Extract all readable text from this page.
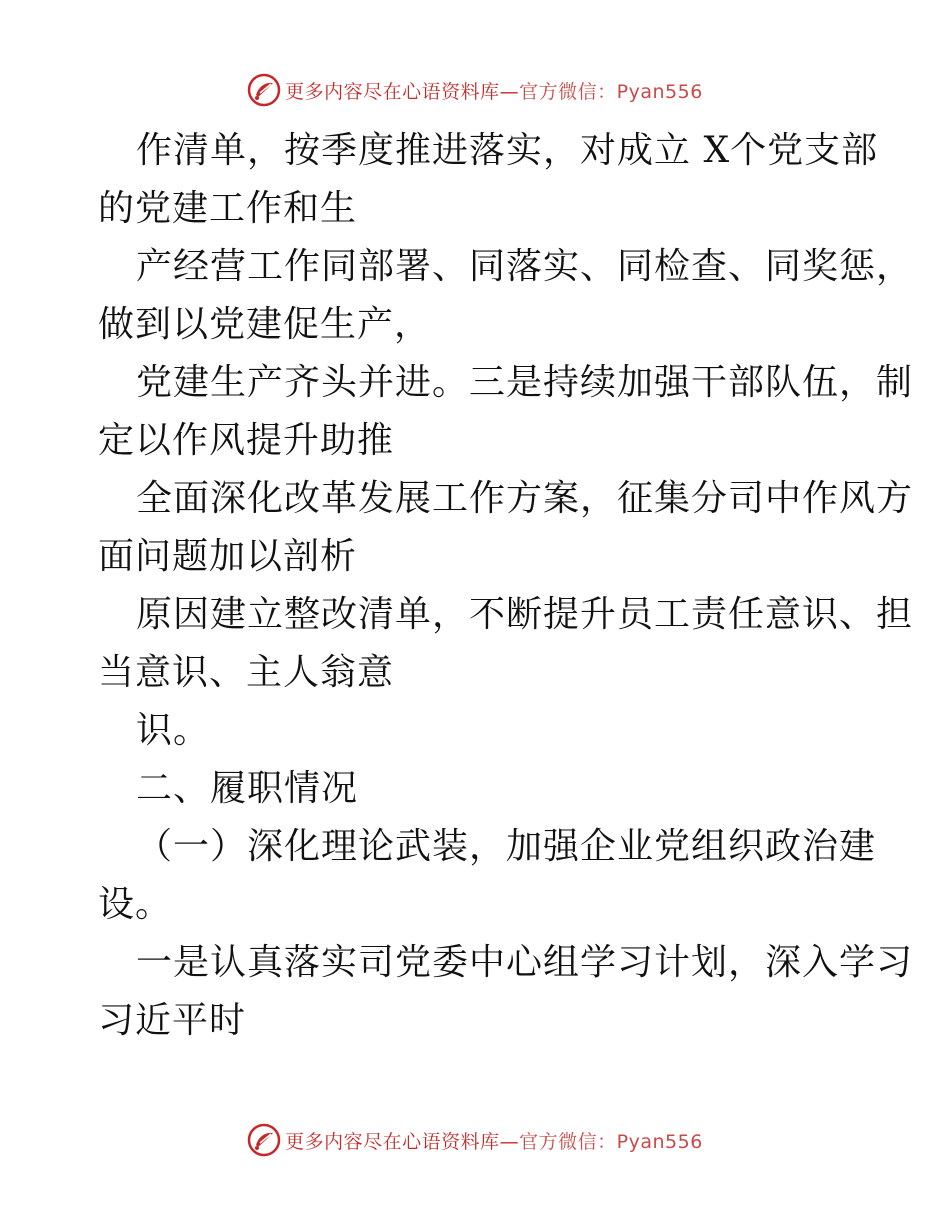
更多内容尽在心语资料库—官方微信：Pyan556
作清单，按季度推进落实，对成立 X个党支部
的党建工作和生
产经营工作同部署、同落实、同检查、同奖惩，
做到以党建促生产，
党建生产齐头并进。三是持续加强干部队伍，制
定以作风提升助推
全面深化改革发展工作方案，征集分司中作风方
面问题加以剖析
原因建立整改清单，不断提升员工责任意识、担
当意识、主人翁意
识。
二、履职情况
（一）深化理论武装，加强企业党组织政治建
设。
一是认真落实司党委中心组学习计划，深入学习
习近平时
更多内容尽在心语资料库—官方微信：Pyan556
